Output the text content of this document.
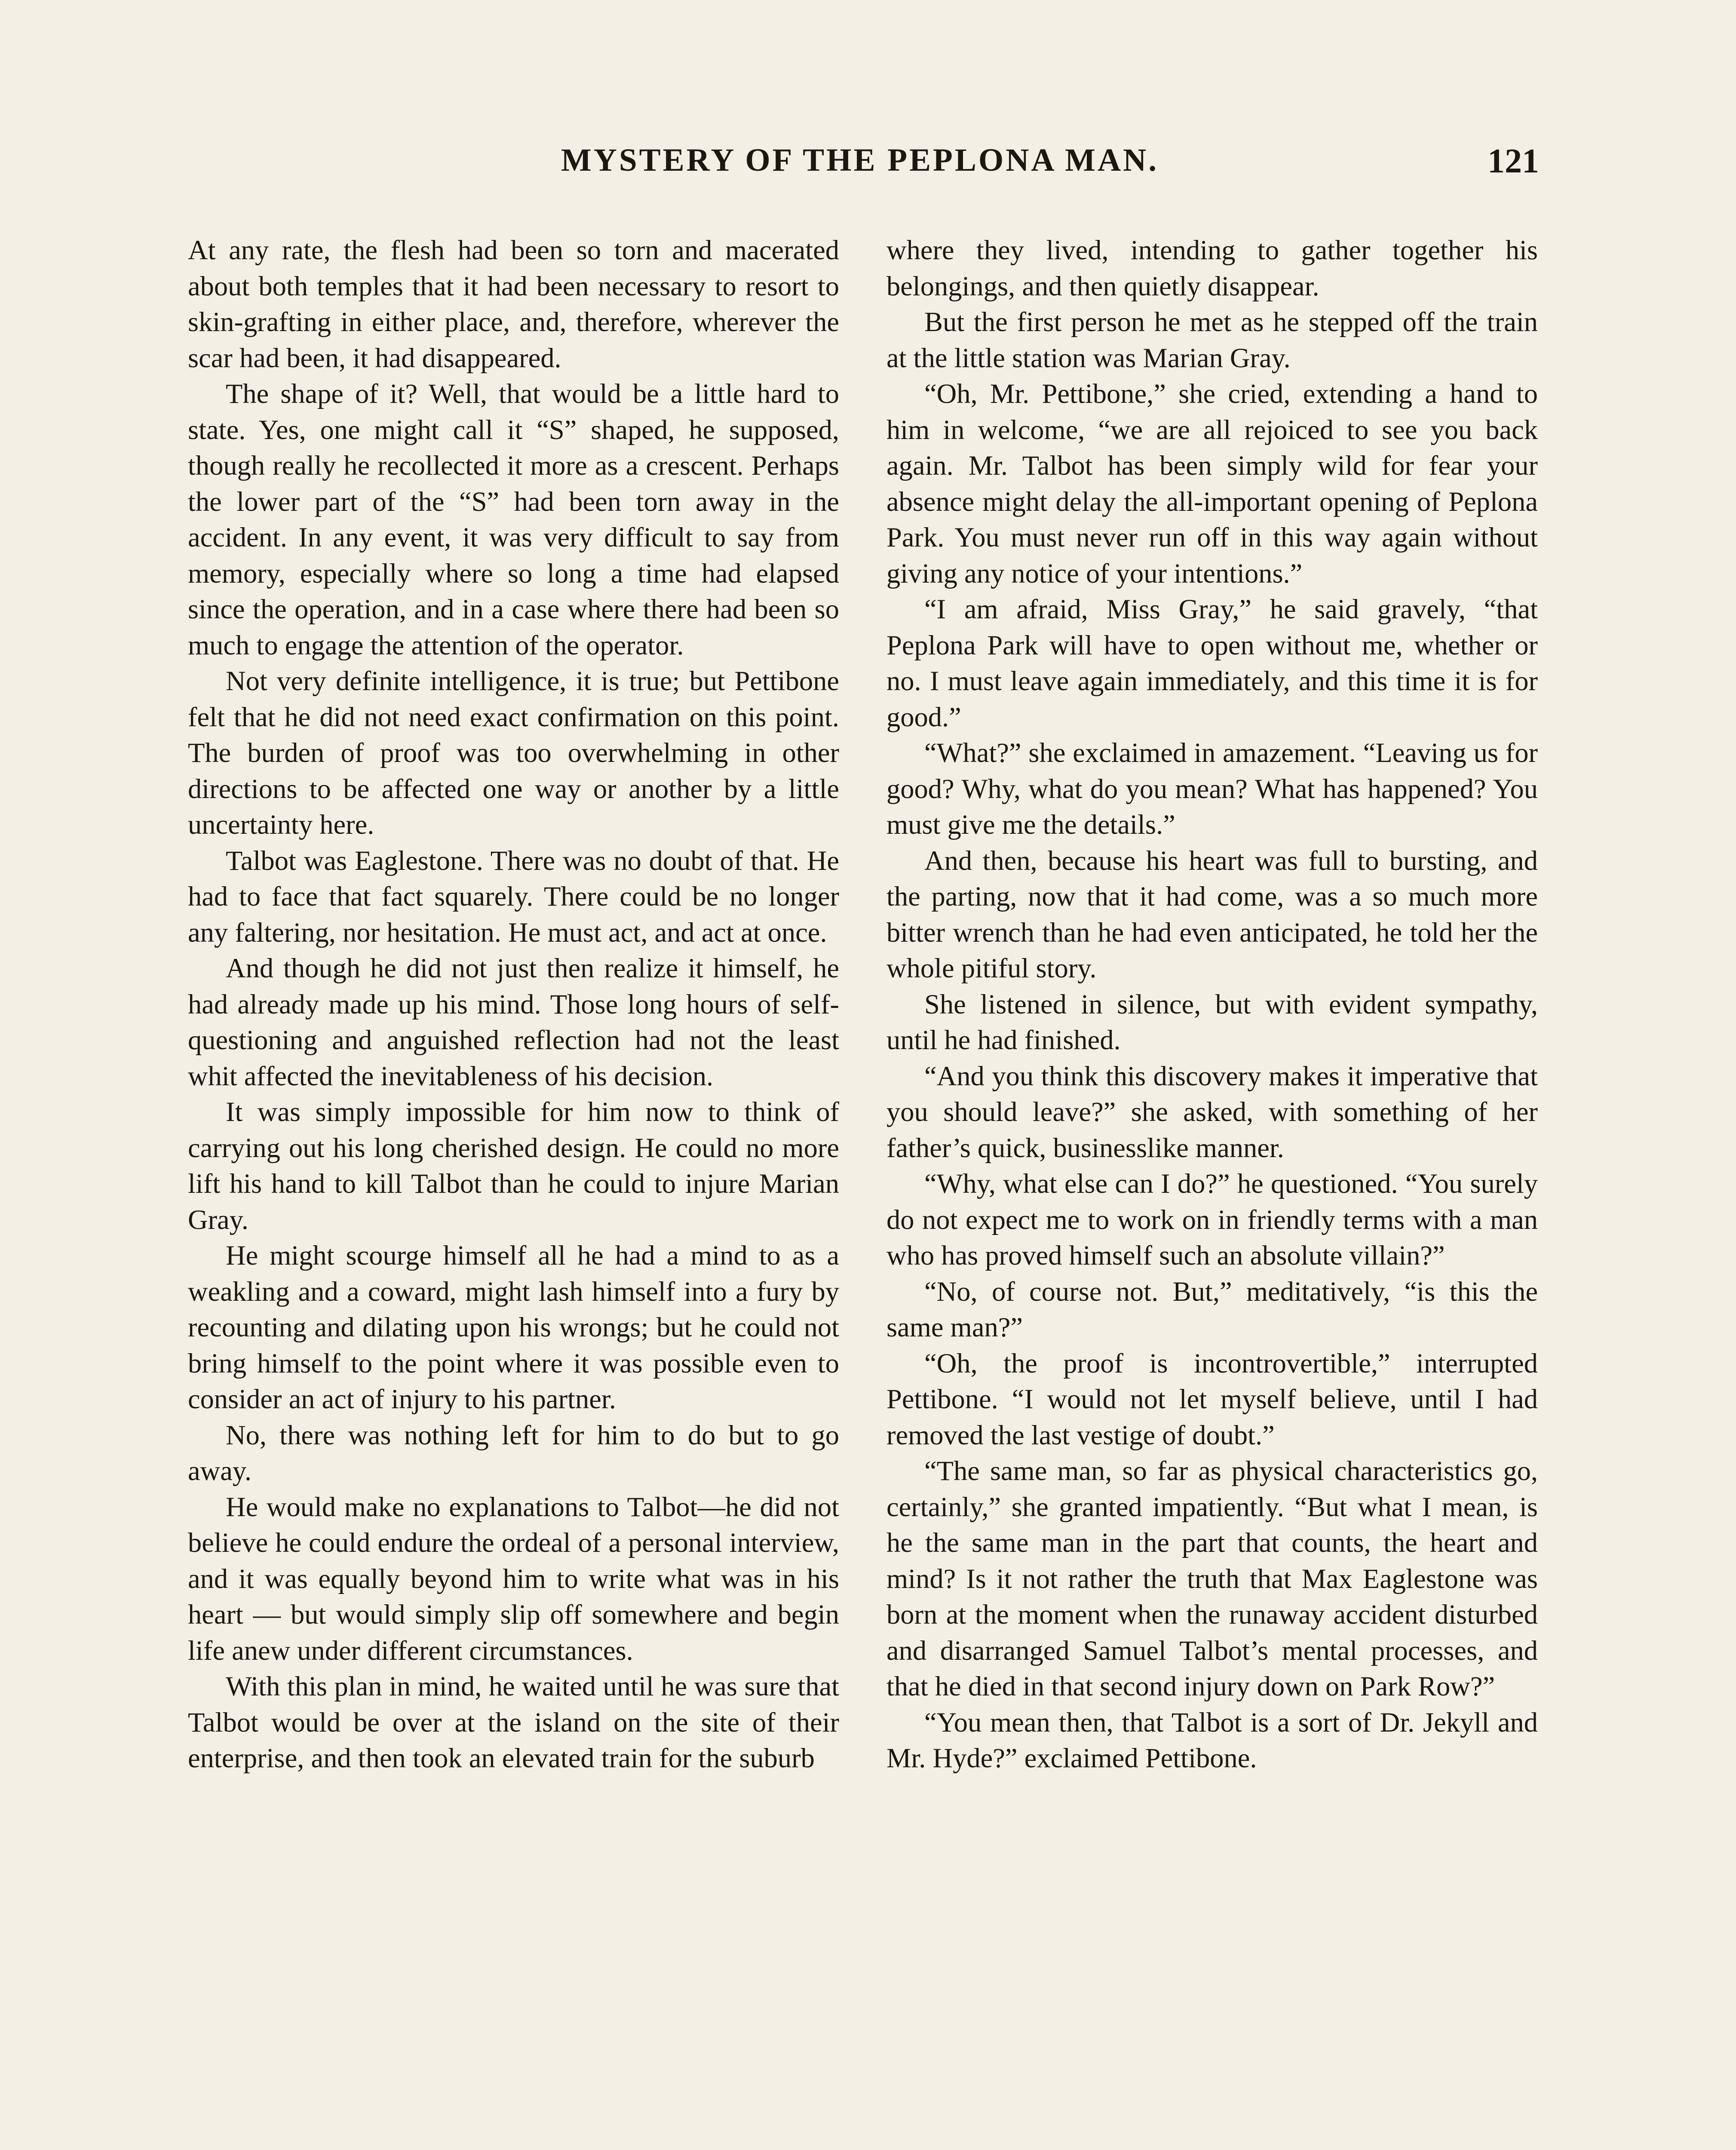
MYSTERY OF THE PEPLONA MAN.	121

At any rate, the flesh had been so torn and macerated about both temples that it had been necessary to resort to skin-grafting in either place, and, therefore, wherever the scar had been, it had disappeared.

The shape of it? Well, that would be a little hard to state. Yes, one might call it “S” shaped, he supposed, though really he recollected it more as a crescent. Perhaps the lower part of the “S” had been torn away in the accident. In any event, it was very difficult to say from memory, especially where so long a time had elapsed since the operation, and in a case where there had been so much to engage the attention of the operator.

Not very definite intelligence, it is true; but Pettibone felt that he did not need exact confirmation on this point. The burden of proof was too overwhelming in other directions to be affected one way or another by a little uncertainty here.

Talbot was Eaglestone. There was no doubt of that. He had to face that fact squarely. There could be no longer any faltering, nor hesitation. He must act, and act at once.

And though he did not just then realize it himself, he had already made up his mind. Those long hours of self-questioning and anguished reflection had not the least whit affected the inevitableness of his decision.

It was simply impossible for him now to think of carrying out his long cherished design. He could no more lift his hand to kill Talbot than he could to injure Marian Gray.

He might scourge himself all he had a mind to as a weakling and a coward, might lash himself into a fury by recounting and dilating upon his wrongs; but he could not bring himself to the point where it was possible even to consider an act of injury to his partner.

No, there was nothing left for him to do but to go away.

He would make no explanations to Talbot—he did not believe he could endure the ordeal of a personal interview, and it was equally beyond him to write what was in his heart — but would simply slip off somewhere and begin life anew under different circumstances.

With this plan in mind, he waited until he was sure that Talbot would be over at the island on the site of their enterprise, and then took an elevated train for the suburb

where they lived, intending to gather together his belongings, and then quietly disappear.

But the first person he met as he stepped off the train at the little station was Marian Gray.

“Oh, Mr. Pettibone,” she cried, extending a hand to him in welcome, “we are all rejoiced to see you back again. Mr. Talbot has been simply wild for fear your absence might delay the all-important opening of Peplona Park. You must never run off in this way again without giving any notice of your intentions.”

“I am afraid, Miss Gray,” he said gravely, “that Peplona Park will have to open without me, whether or no. I must leave again immediately, and this time it is for good.”

“What?” she exclaimed in amazement. “Leaving us for good? Why, what do you mean? What has happened? You must give me the details.”

And then, because his heart was full to bursting, and the parting, now that it had come, was a so much more bitter wrench than he had even anticipated, he told her the whole pitiful story.

She listened in silence, but with evident sympathy, until he had finished.

“And you think this discovery makes it imperative that you should leave?” she asked, with something of her father’s quick, businesslike manner.

“Why, what else can I do?” he questioned. “You surely do not expect me to work on in friendly terms with a man who has proved himself such an absolute villain?”

“No, of course not. But,” meditatively, “is this the same man?”

“Oh, the proof is incontrovertible,” interrupted Pettibone. “I would not let myself believe, until I had removed the last vestige of doubt.”

“The same man, so far as physical characteristics go, certainly,” she granted impatiently. “But what I mean, is he the same man in the part that counts, the heart and mind? Is it not rather the truth that Max Eaglestone was born at the moment when the runaway accident disturbed and disarranged Samuel Talbot’s mental processes, and that he died in that second injury down on Park Row?”

“You mean then, that Talbot is a sort of Dr. Jekyll and Mr. Hyde?” exclaimed Pettibone.
